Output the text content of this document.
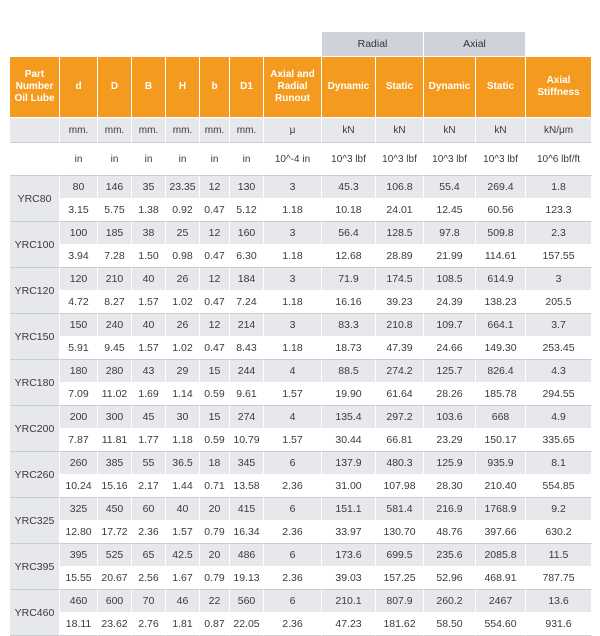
								Radial		Axial		
Part Number Oil Lube	d	D	B	H	b	D1	Axial and Radial Runout	Dynamic	Static	Dynamic	Static	Axial Stiffness
	mm.	mm.	mm.	mm.	mm.	mm.	μ	kN	kN	kN	kN	kN/μm
	in	in	in	in	in	in	10^-4 in	10^3 lbf	10^3 lbf	10^3 lbf	10^3 lbf	10^6 lbf/ft
YRC80	80	146	35	23.35	12	130	3	45.3	106.8	55.4	269.4	1.8
	3.15	5.75	1.38	0.92	0.47	5.12	1.18	10.18	24.01	12.45	60.56	123.3
YRC100	100	185	38	25	12	160	3	56.4	128.5	97.8	509.8	2.3
	3.94	7.28	1.50	0.98	0.47	6.30	1.18	12.68	28.89	21.99	114.61	157.55
YRC120	120	210	40	26	12	184	3	71.9	174.5	108.5	614.9	3
	4.72	8.27	1.57	1.02	0.47	7.24	1.18	16.16	39.23	24.39	138.23	205.5
YRC150	150	240	40	26	12	214	3	83.3	210.8	109.7	664.1	3.7
	5.91	9.45	1.57	1.02	0.47	8.43	1.18	18.73	47.39	24.66	149.30	253.45
YRC180	180	280	43	29	15	244	4	88.5	274.2	125.7	826.4	4.3
	7.09	11.02	1.69	1.14	0.59	9.61	1.57	19.90	61.64	28.26	185.78	294.55
YRC200	200	300	45	30	15	274	4	135.4	297.2	103.6	668	4.9
	7.87	11.81	1.77	1.18	0.59	10.79	1.57	30.44	66.81	23.29	150.17	335.65
YRC260	260	385	55	36.5	18	345	6	137.9	480.3	125.9	935.9	8.1
	10.24	15.16	2.17	1.44	0.71	13.58	2.36	31.00	107.98	28.30	210.40	554.85
YRC325	325	450	60	40	20	415	6	151.1	581.4	216.9	1768.9	9.2
	12.80	17.72	2.36	1.57	0.79	16.34	2.36	33.97	130.70	48.76	397.66	630.2
YRC395	395	525	65	42.5	20	486	6	173.6	699.5	235.6	2085.8	11.5
	15.55	20.67	2.56	1.67	0.79	19.13	2.36	39.03	157.25	52.96	468.91	787.75
YRC460	460	600	70	46	22	560	6	210.1	807.9	260.2	2467	13.6
	18.11	23.62	2.76	1.81	0.87	22.05	2.36	47.23	181.62	58.50	554.60	931.6
